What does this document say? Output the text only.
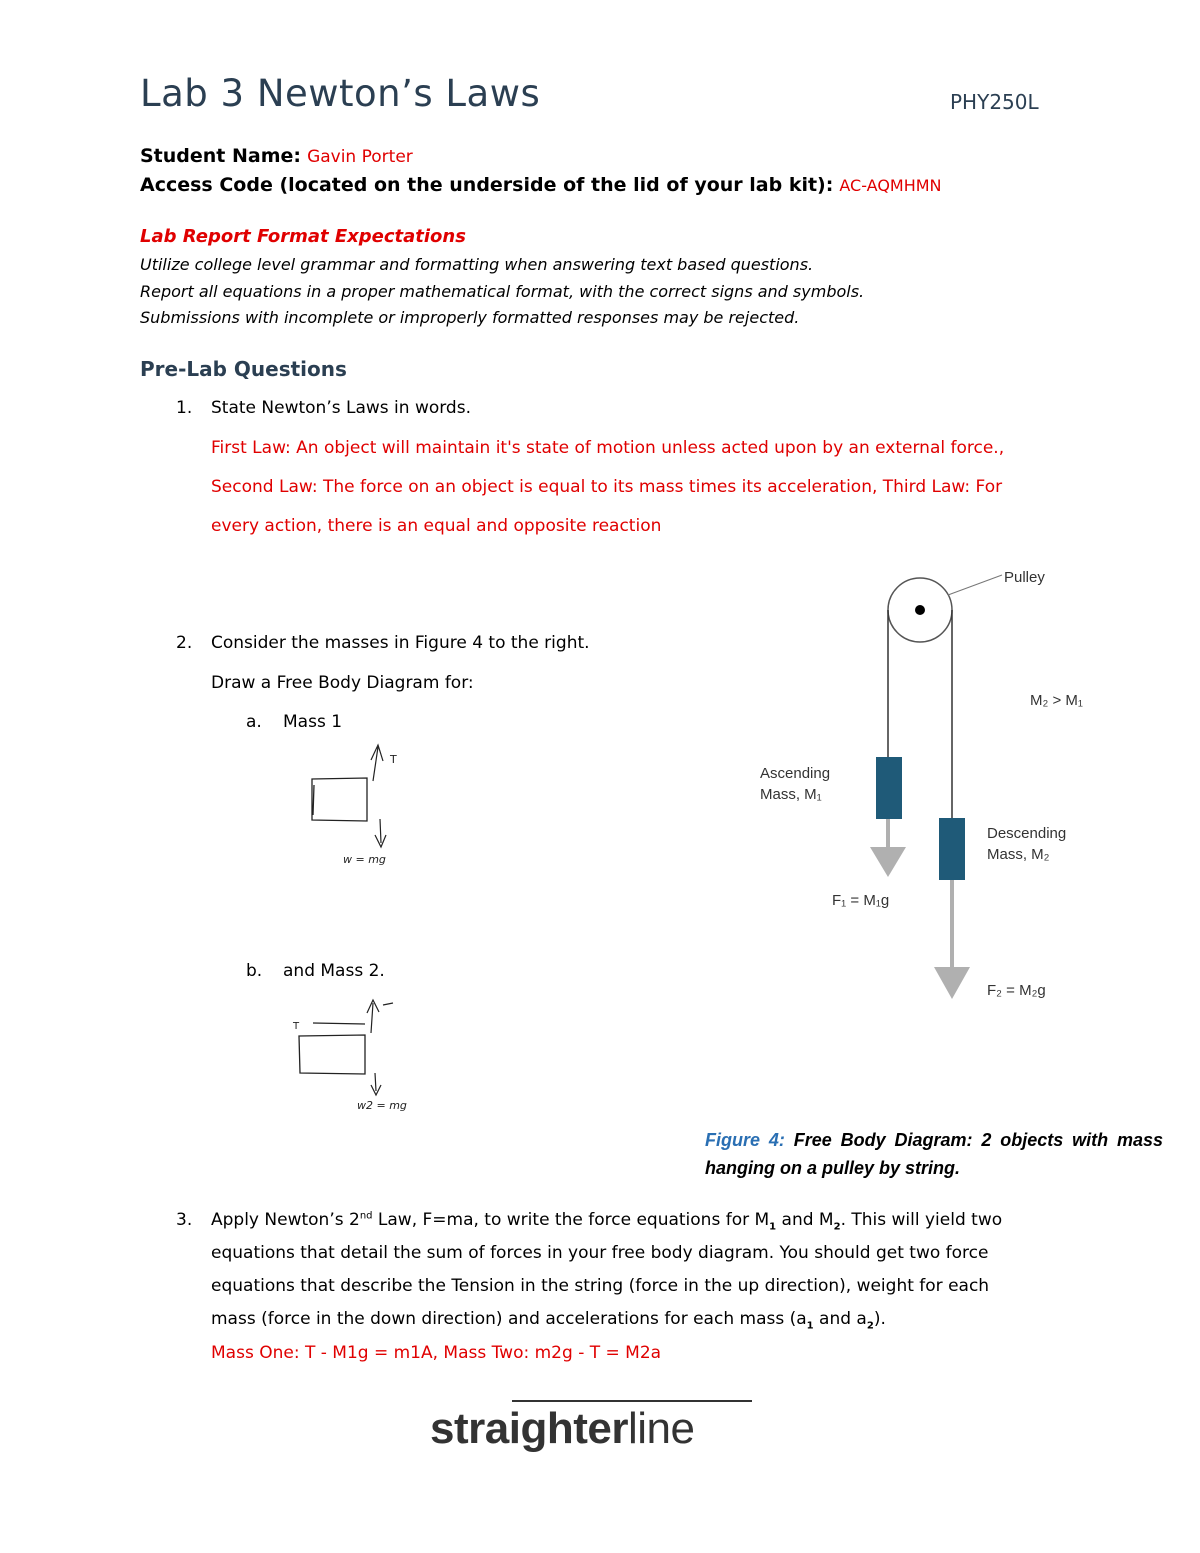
Lab 3 Newton’s Laws	PHY250L
Student Name: Gavin Porter
Access Code (located on the underside of the lid of your lab kit): AC-AQMHMN
Lab Report Format Expectations
Utilize college level grammar and formatting when answering text based questions.
Report all equations in a proper mathematical format, with the correct signs and symbols.
Submissions with incomplete or improperly formatted responses may be rejected.
Pre-Lab Questions
1. State Newton’s Laws in words.
First Law: An object will maintain it's state of motion unless acted upon by an external force.,
Second Law: The force on an object is equal to its mass times its acceleration, Third Law: For
every action, there is an equal and opposite reaction
2. Consider the masses in Figure 4 to the right.
Draw a Free Body Diagram for:
a. Mass 1
b. and Mass 2.
T
w = mg
T
w2 = mg
Pulley
M₂ > M₁
Ascending
Mass, M₁
Descending
Mass, M₂
F₁ = M₁g
F₂ = M₂g
Figure 4: Free Body Diagram: 2 objects with mass hanging on a pulley by string.
3. Apply Newton’s 2nd Law, F=ma, to write the force equations for $M_1$ and $M_2$. This will yield two
equations that detail the sum of forces in your free body diagram. You should get two force
equations that describe the Tension in the string (force in the up direction), weight for each
mass (force in the down direction) and accelerations for each mass ($a_1$ and $a_2$).
Mass One: T - M1g = m1A, Mass Two: m2g - T = M2a
straighterline
